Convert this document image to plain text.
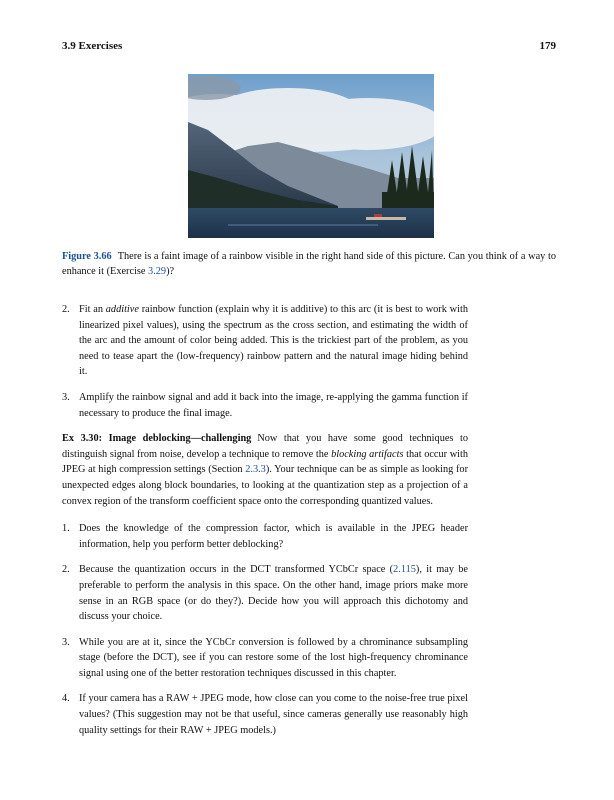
3.9 Exercises	179
Figure 3.66 There is a faint image of a rainbow visible in the right hand side of this picture. Can you think of a way to enhance it (Exercise 3.29)?
2. Fit an additive rainbow function (explain why it is additive) to this arc (it is best to work with linearized pixel values), using the spectrum as the cross section, and estimating the width of the arc and the amount of color being added. This is the trickiest part of the problem, as you need to tease apart the (low-frequency) rainbow pattern and the natural image hiding behind it.
3. Amplify the rainbow signal and add it back into the image, re-applying the gamma function if necessary to produce the final image.
Ex 3.30: Image deblocking—challenging Now that you have some good techniques to distinguish signal from noise, develop a technique to remove the blocking artifacts that occur with JPEG at high compression settings (Section 2.3.3). Your technique can be as simple as looking for unexpected edges along block boundaries, to looking at the quantization step as a projection of a convex region of the transform coefficient space onto the corresponding quantized values.
1. Does the knowledge of the compression factor, which is available in the JPEG header information, help you perform better deblocking?
2. Because the quantization occurs in the DCT transformed YCbCr space (2.115), it may be preferable to perform the analysis in this space. On the other hand, image priors make more sense in an RGB space (or do they?). Decide how you will approach this dichotomy and discuss your choice.
3. While you are at it, since the YCbCr conversion is followed by a chrominance subsampling stage (before the DCT), see if you can restore some of the lost high-frequency chrominance signal using one of the better restoration techniques discussed in this chapter.
4. If your camera has a RAW + JPEG mode, how close can you come to the noise-free true pixel values? (This suggestion may not be that useful, since cameras generally use reasonably high quality settings for their RAW + JPEG models.)
